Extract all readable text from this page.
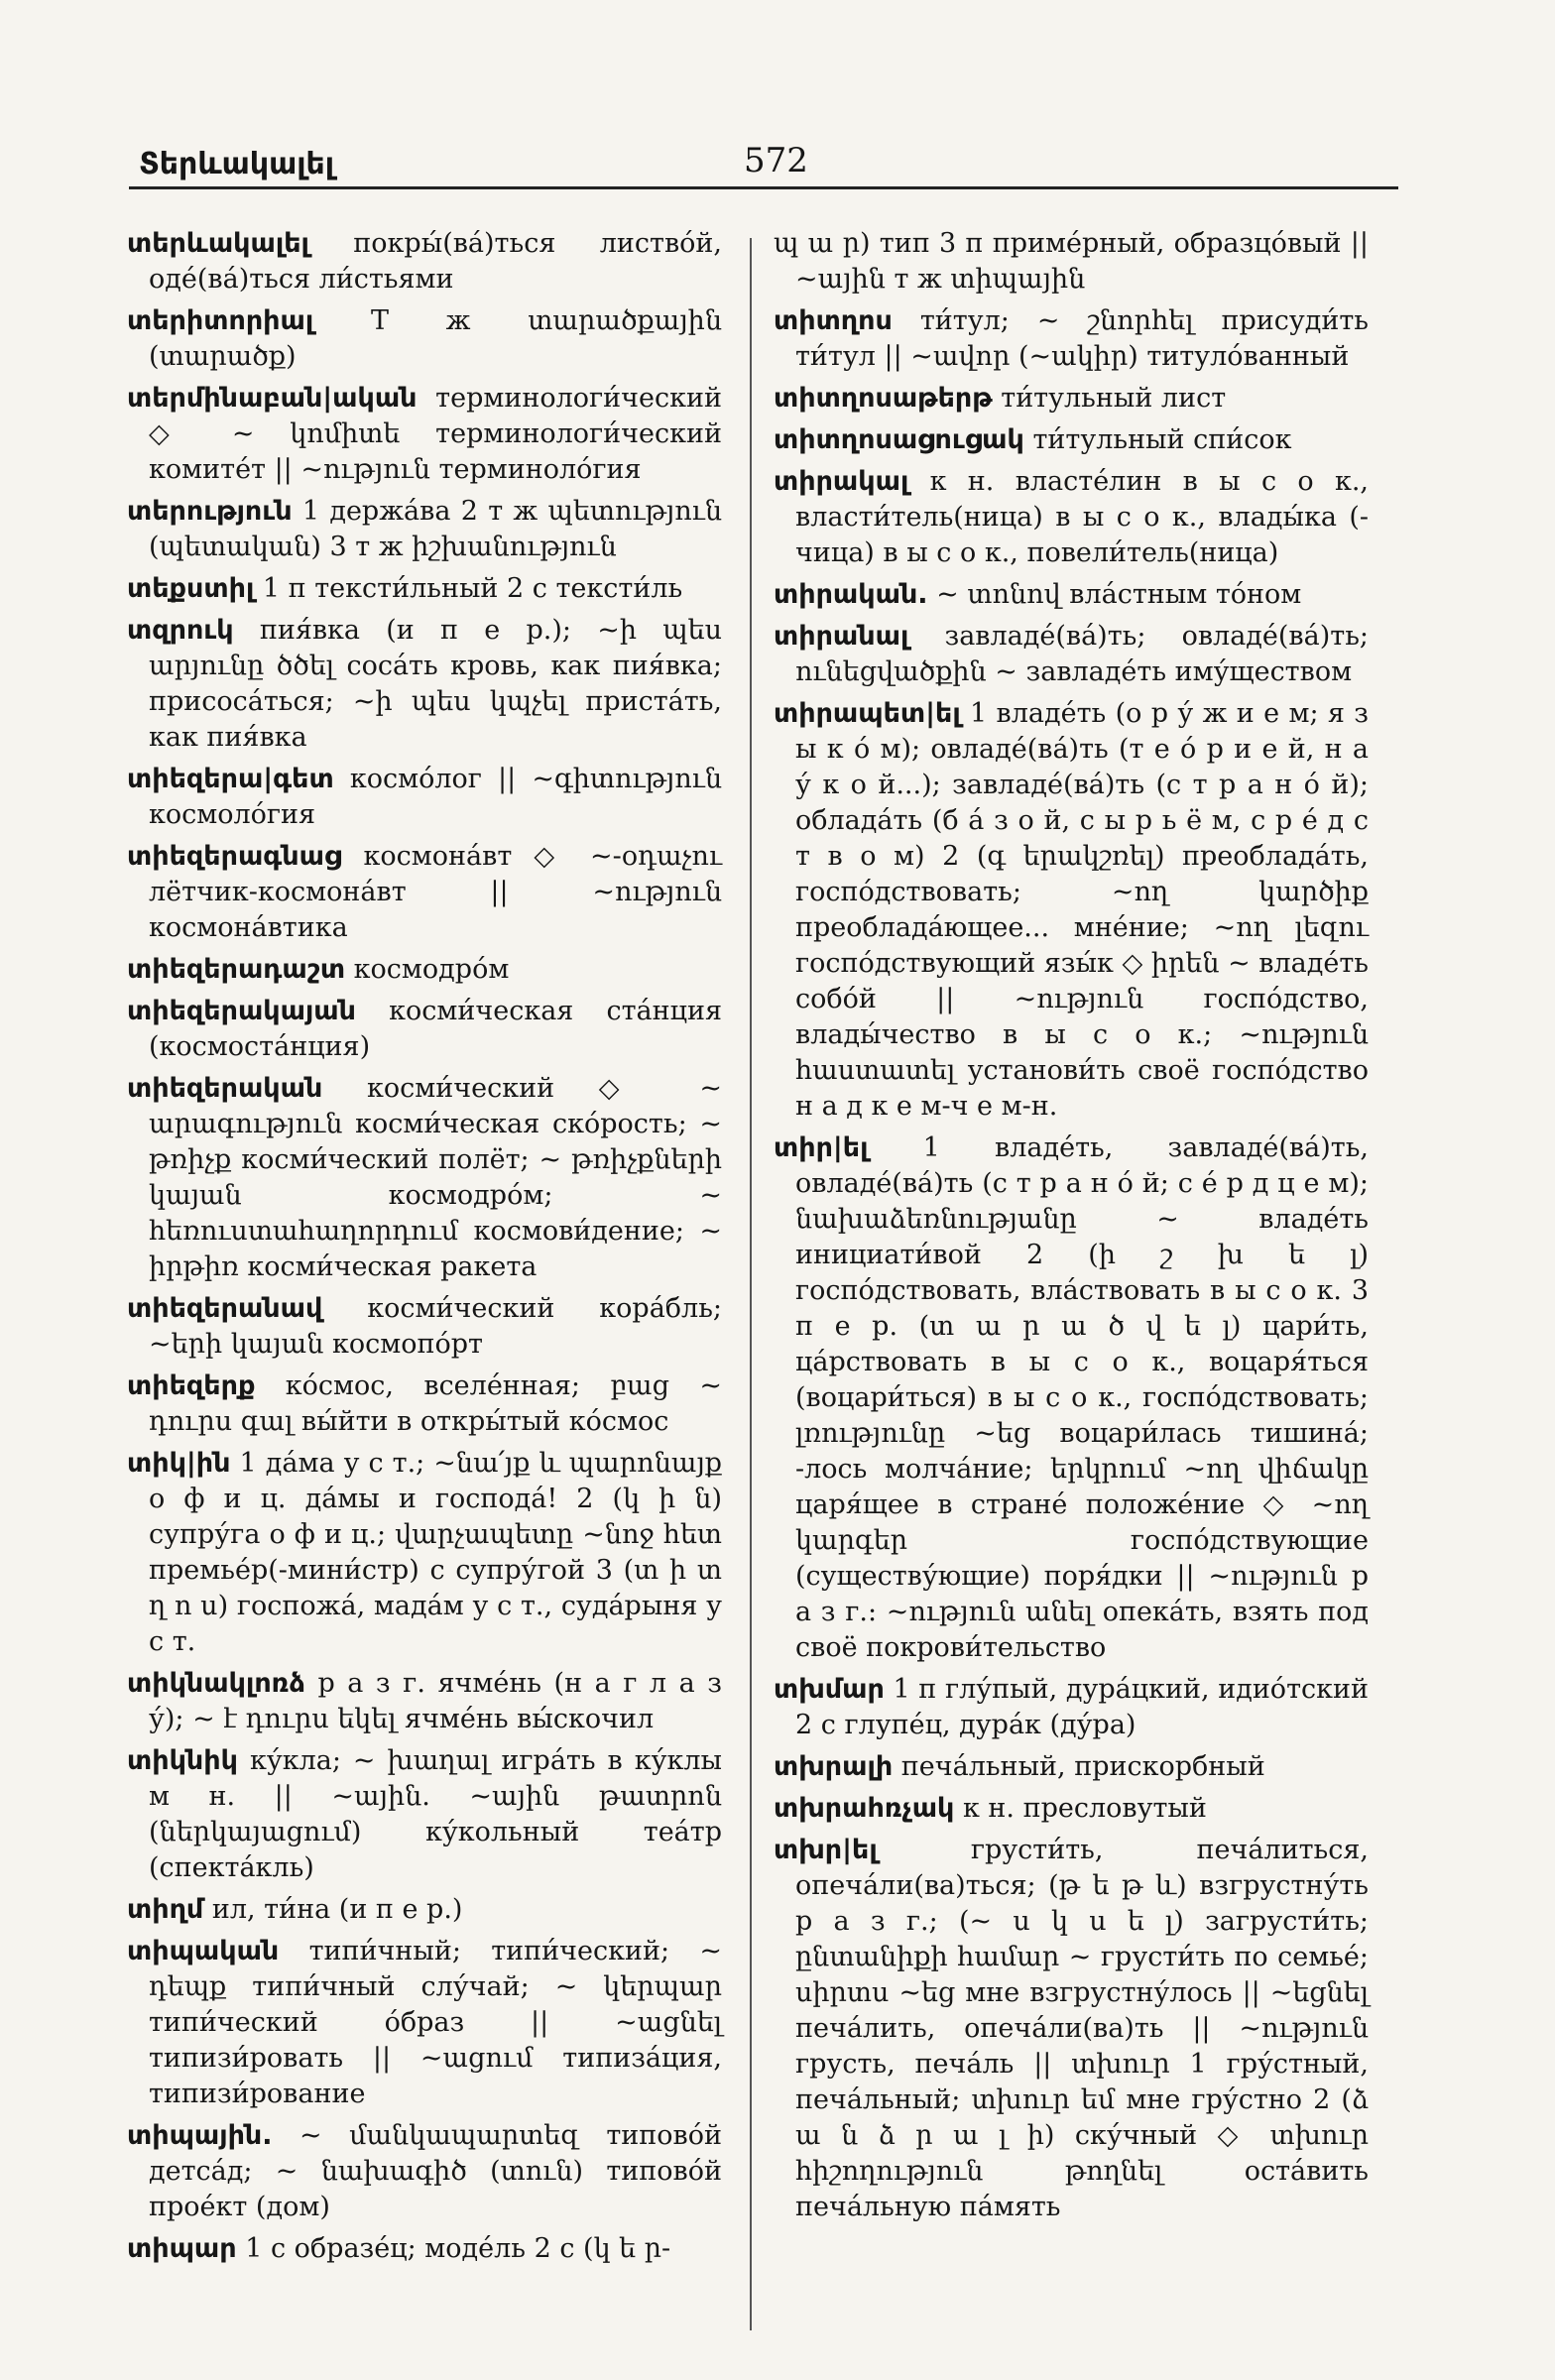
Տերևակալել	572

տերևակալել покры́(ва́)ться листво́й, оде́(ва́)ться ли́стьями

տերիտորիալ Т ж տարածքային (տարածք)

տերմինաբան|ական терминологи́ческий ◇ ~ կոմիտե терминологи́ческий комите́т || ~ություն терминоло́гия

տերություն 1 держа́ва 2 т ж պետություն (պետական) 3 т ж իշխանություն

տեքստիլ 1 п тексти́льный 2 с тексти́ль

տզրուկ пия́вка (и п е р.); ~ի պես արյունը ծծել соса́ть кровь, как пия́вка; присоса́ться; ~ի պես կպչել приста́ть, как пия́вка

տիեզերա|գետ космо́лог || ~գիտություն космоло́гия

տիեզերագնաց космона́вт ◇ ~-օդաչու лётчик-космона́вт || ~ություն космона́втика

տիեզերադաշտ космодро́м

տիեզերակայան косми́ческая ста́нция (космоста́нция)

տիեզերական косми́ческий ◇ ~ արագություն косми́ческая ско́рость; ~ թռիչք косми́ческий полёт; ~ թռիչքների կայան космодро́м; ~ հեռուստահաղորդում космови́дение; ~ իրթիռ косми́ческая ракета

տիեզերանավ косми́ческий кора́бль; ~երի կայան космопо́рт

տիեզերք ко́смос, вселе́нная; բաց ~ դուրս գալ вы́йти в откры́тый ко́смос

տիկ|ին 1 да́ма у с т.; ~նա՛յք և պարոնայք о ф и ц. да́мы и господа́! 2 (կ ի ն) супру́га о ф и ц.; վարչապետը ~նոջ հետ премье́р(-мини́стр) с супру́гой 3 (տ ի տ ղ ո ս) госпожа́, мада́м у с т., суда́рыня у с т.

տիկնակլոռձ р а з г. ячме́нь (н а г л а з у́); ~ է դուրս եկել ячме́нь вы́скочил

տիկնիկ ку́кла; ~ խաղալ игра́ть в ку́клы м н. || ~ային. ~ային թատրոն (ներկայացում) ку́кольный теа́тр (спекта́кль)

տիղմ ил, ти́на (и п е р.)

տիպական типи́чный; типи́ческий; ~ դեպք типи́чный слу́чай; ~ կերպար типи́ческий о́браз || ~ացնել типизи́ровать || ~ացում типиза́ция, типизи́рование

տիպային. ~ մանկապարտեզ типово́й детса́д; ~ նախագիծ (տուն) типово́й прое́кт (дом)

տիպար 1 с образе́ц; моде́ль 2 с (կ ե ր-

պ ա ր) тип 3 п приме́рный, образцо́вый || ~ային т ж տիպային

տիտղոս ти́тул; ~ շնորհել присуди́ть ти́тул || ~ավոր (~ակիր) титуло́ванный

տիտղոսաթերթ ти́тульный лист

տիտղոսացուցակ ти́тульный спи́сок

տիրակալ к н. власте́лин в ы с о к., власти́тель(ница) в ы с о к., влады́ка (-чица) в ы с о к., повели́тель(ница)

տիրական. ~ տոնով вла́стным то́ном

տիրանալ завладе́(ва́)ть; овладе́(ва́)ть; ունեցվածքին ~ завладе́ть иму́ществом

տիրապետ|ել 1 владе́ть (о р у́ ж и е м; я з ы к о́ м); овладе́(ва́)ть (т е о́ р и е й, н а у́ к о й...); завладе́(ва́)ть (с т р а н о́ й); облада́ть (б а́ з о й, с ы р ь ё м, с р е́ д с т в о м) 2 (գ երակշռել) преоблада́ть, госпо́дствовать; ~ող կարծիք преоблада́ющее... мне́ние; ~ող լեզու госпо́дствующий язы́к ◇ իրեն ~ владе́ть собо́й || ~ություն госпо́дство, влады́чество в ы с о к.; ~ություն հաստատել установи́ть своё госпо́дство н а д к е м-ч е м-н.

տիր|ել 1 владе́ть, завладе́(ва́)ть, овладе́(ва́)ть (с т р а н о́ й; с е́ р д ц е м); նախաձեռնությանը ~ владе́ть инициати́вой 2 (ի շ խ ե լ) госпо́дствовать, вла́ствовать в ы с о к. 3 п е р. (տ ա ր ա ծ վ ե լ) цари́ть, ца́рствовать в ы с о к., воцаря́ться (воцари́ться) в ы с о к., госпо́дствовать; լռությունը ~եց воцари́лась тишина́; -лось молча́ние; երկրում ~ող վիճակը царя́щее в стране́ положе́ние ◇ ~ող կարգեր госпо́дствующие (существу́ющие) поря́дки || ~ություն р а з г.: ~ություն անել опека́ть, взять под своё покрови́тельство

տխմար 1 п глу́пый, дура́цкий, идио́тский 2 с глупе́ц, дура́к (ду́ра)

տխրալի печа́льный, прискорбный

տխրահռչակ к н. пресловутый

տխր|ել грусти́ть, печа́литься, опеча́ли(ва)ться; (թ ե թ և) взгрустну́ть р а з г.; (~ ս կ ս ե լ) загрусти́ть; ընտանիքի համար ~ грусти́ть по семье́; սիրտս ~եց мне взгрустну́лось || ~եցնել печа́лить, опеча́ли(ва)ть || ~ություն грусть, печа́ль || տխուր 1 гру́стный, печа́льный; տխուր եմ мне гру́стно 2 (ձ ա ն ձ ր ա լ ի) ску́чный ◇ տխուր հիշողություն թողնել оста́вить печа́льную па́мять
